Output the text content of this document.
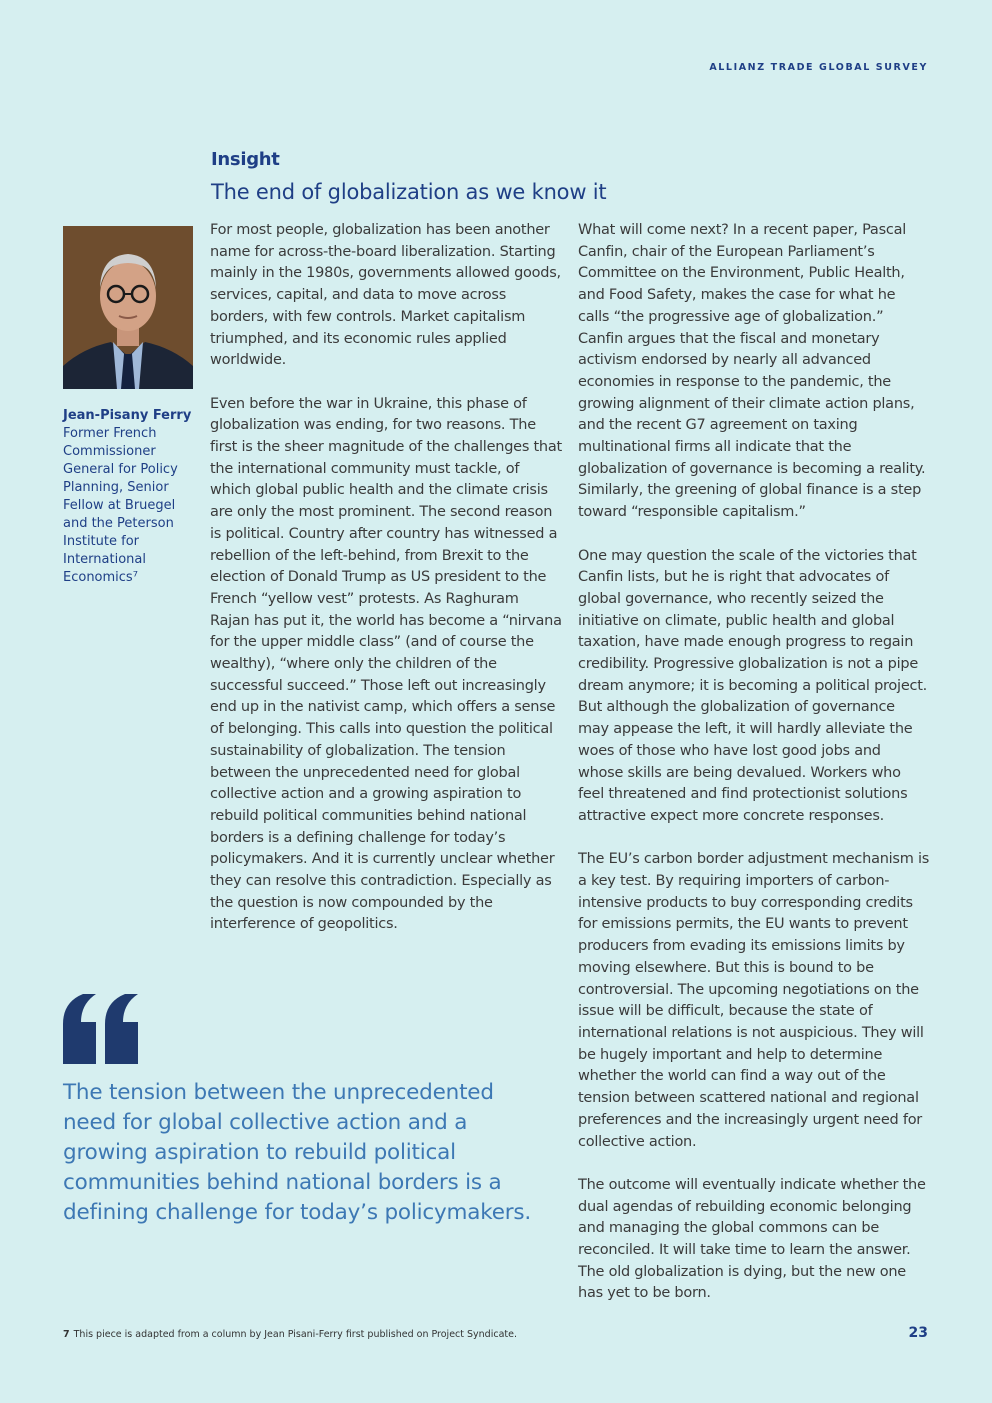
ALLIANZ TRADE GLOBAL SURVEY
Insight
The end of globalization as we know it
Jean-Pisany Ferry
Former French Commissioner General for Policy Planning, Senior Fellow at Bruegel and the Peterson Institute for International Economics⁷

For most people, globalization has been another name for across-the-board liberalization. Starting mainly in the 1980s, governments allowed goods, services, capital, and data to move across borders, with few controls. Market capitalism triumphed, and its economic rules applied worldwide.

Even before the war in Ukraine, this phase of globalization was ending, for two reasons. The first is the sheer magnitude of the challenges that the international community must tackle, of which global public health and the climate crisis are only the most prominent. The second reason is political. Country after country has witnessed a rebellion of the left-behind, from Brexit to the election of Donald Trump as US president to the French “yellow vest” protests. As Raghuram Rajan has put it, the world has become a “nirvana for the upper middle class” (and of course the wealthy), “where only the children of the successful succeed.” Those left out increasingly end up in the nativist camp, which offers a sense of belonging. This calls into question the political sustainability of globalization. The tension between the unprecedented need for global collective action and a growing aspiration to rebuild political communities behind national borders is a defining challenge for today’s policymakers. And it is currently unclear whether they can resolve this contradiction. Especially as the question is now compounded by the interference of geopolitics.

What will come next? In a recent paper, Pascal Canfin, chair of the European Parliament’s Committee on the Environment, Public Health, and Food Safety, makes the case for what he calls “the progressive age of globalization.” Canfin argues that the fiscal and monetary activism endorsed by nearly all advanced economies in response to the pandemic, the growing alignment of their climate action plans, and the recent G7 agreement on taxing multinational firms all indicate that the globalization of governance is becoming a reality. Similarly, the greening of global finance is a step toward “responsible capitalism.”

One may question the scale of the victories that Canfin lists, but he is right that advocates of global governance, who recently seized the initiative on climate, public health and global taxation, have made enough progress to regain credibility. Progressive globalization is not a pipe dream anymore; it is becoming a political project. But although the globalization of governance may appease the left, it will hardly alleviate the woes of those who have lost good jobs and whose skills are being devalued. Workers who feel threatened and find protectionist solutions attractive expect more concrete responses.

The EU’s carbon border adjustment mechanism is a key test. By requiring importers of carbon-intensive products to buy corresponding credits for emissions permits, the EU wants to prevent producers from evading its emissions limits by moving elsewhere. But this is bound to be controversial. The upcoming negotiations on the issue will be difficult, because the state of international relations is not auspicious. They will be hugely important and help to determine whether the world can find a way out of the tension between scattered national and regional preferences and the increasingly urgent need for collective action.

The outcome will eventually indicate whether the dual agendas of rebuilding economic belonging and managing the global commons can be reconciled. It will take time to learn the answer. The old globalization is dying, but the new one has yet to be born.

The tension between the unprecedented need for global collective action and a growing aspiration to rebuild political communities behind national borders is a defining challenge for today’s policymakers.
7 This piece is adapted from a column by Jean Pisani-Ferry first published on Project Syndicate.	23
